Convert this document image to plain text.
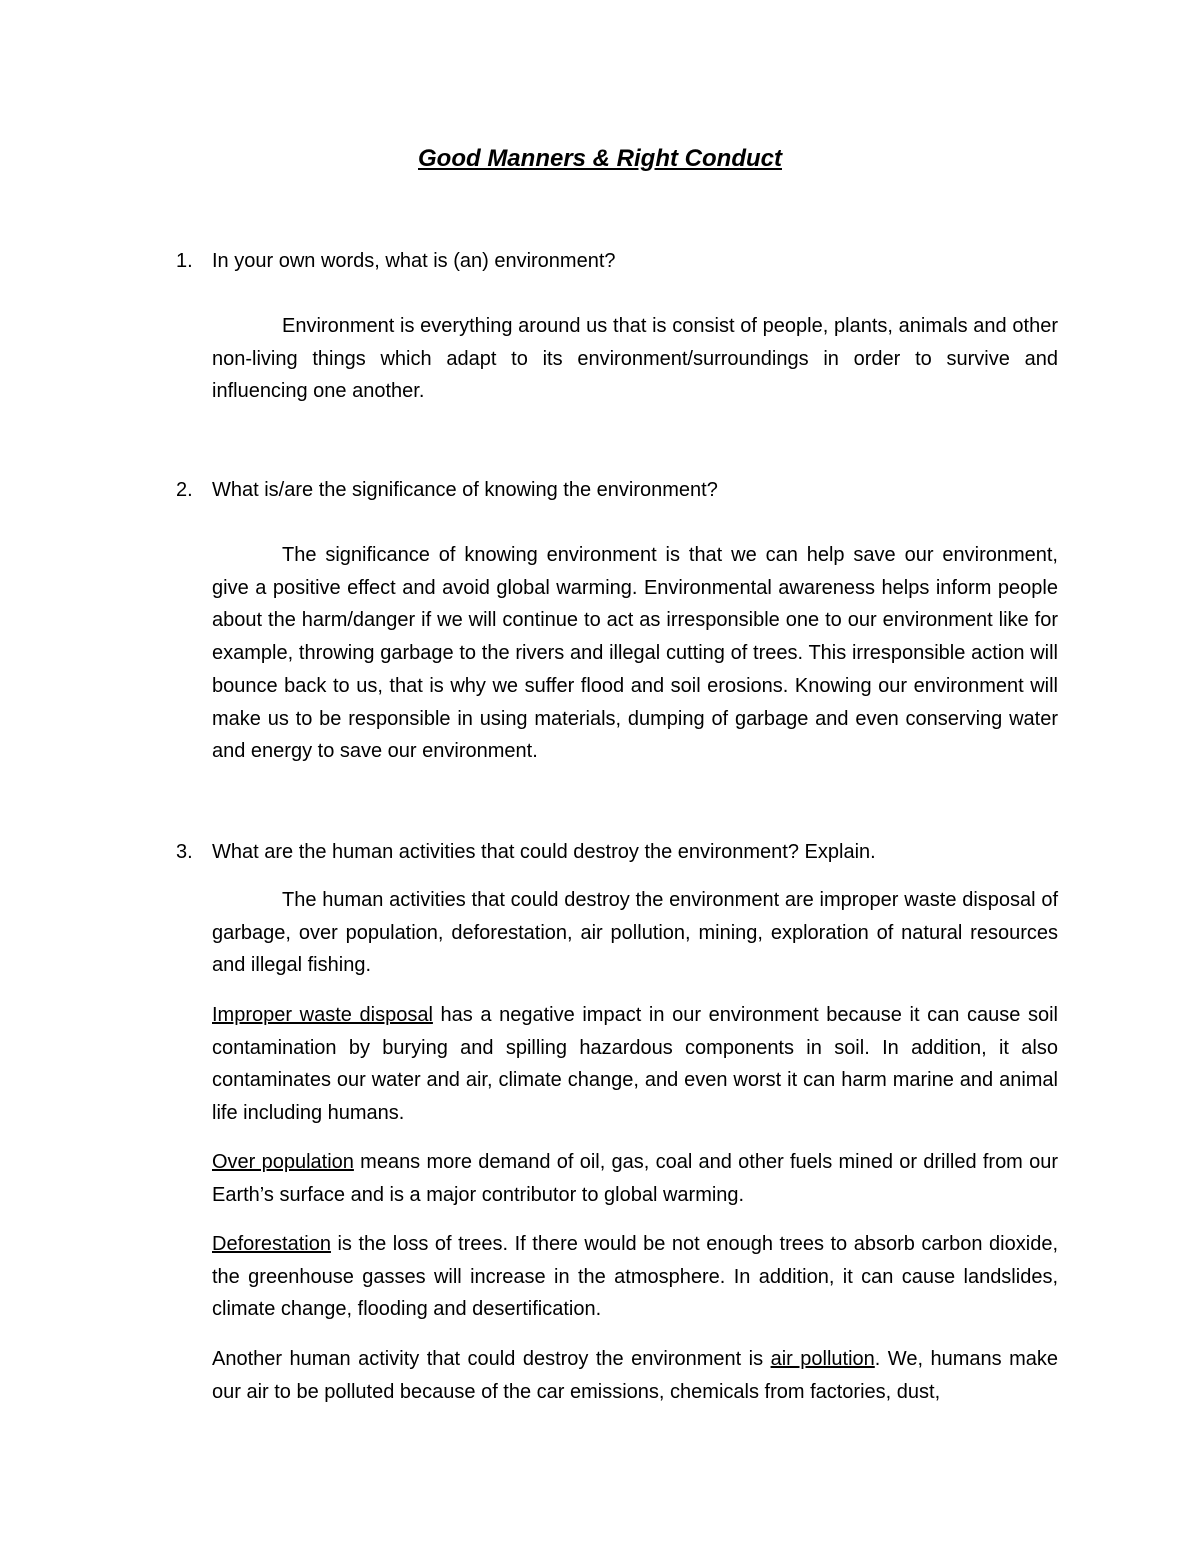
Good Manners & Right Conduct
1. In your own words, what is (an) environment?

Environment is everything around us that is consist of people, plants, animals and other non-living things which adapt to its environment/surroundings in order to survive and influencing one another.

2. What is/are the significance of knowing the environment?

The significance of knowing environment is that we can help save our environment, give a positive effect and avoid global warming. Environmental awareness helps inform people about the harm/danger if we will continue to act as irresponsible one to our environment like for example, throwing garbage to the rivers and illegal cutting of trees. This irresponsible action will bounce back to us, that is why we suffer flood and soil erosions. Knowing our environment will make us to be responsible in using materials, dumping of garbage and even conserving water and energy to save our environment.

3. What are the human activities that could destroy the environment? Explain.

The human activities that could destroy the environment are improper waste disposal of garbage, over population, deforestation, air pollution, mining, exploration of natural resources and illegal fishing.

Improper waste disposal has a negative impact in our environment because it can cause soil contamination by burying and spilling hazardous components in soil. In addition, it also contaminates our water and air, climate change, and even worst it can harm marine and animal life including humans.

Over population means more demand of oil, gas, coal and other fuels mined or drilled from our Earth’s surface and is a major contributor to global warming.

Deforestation is the loss of trees. If there would be not enough trees to absorb carbon dioxide, the greenhouse gasses will increase in the atmosphere. In addition, it can cause landslides, climate change, flooding and desertification.

Another human activity that could destroy the environment is air pollution. We, humans make our air to be polluted because of the car emissions, chemicals from factories, dust,
